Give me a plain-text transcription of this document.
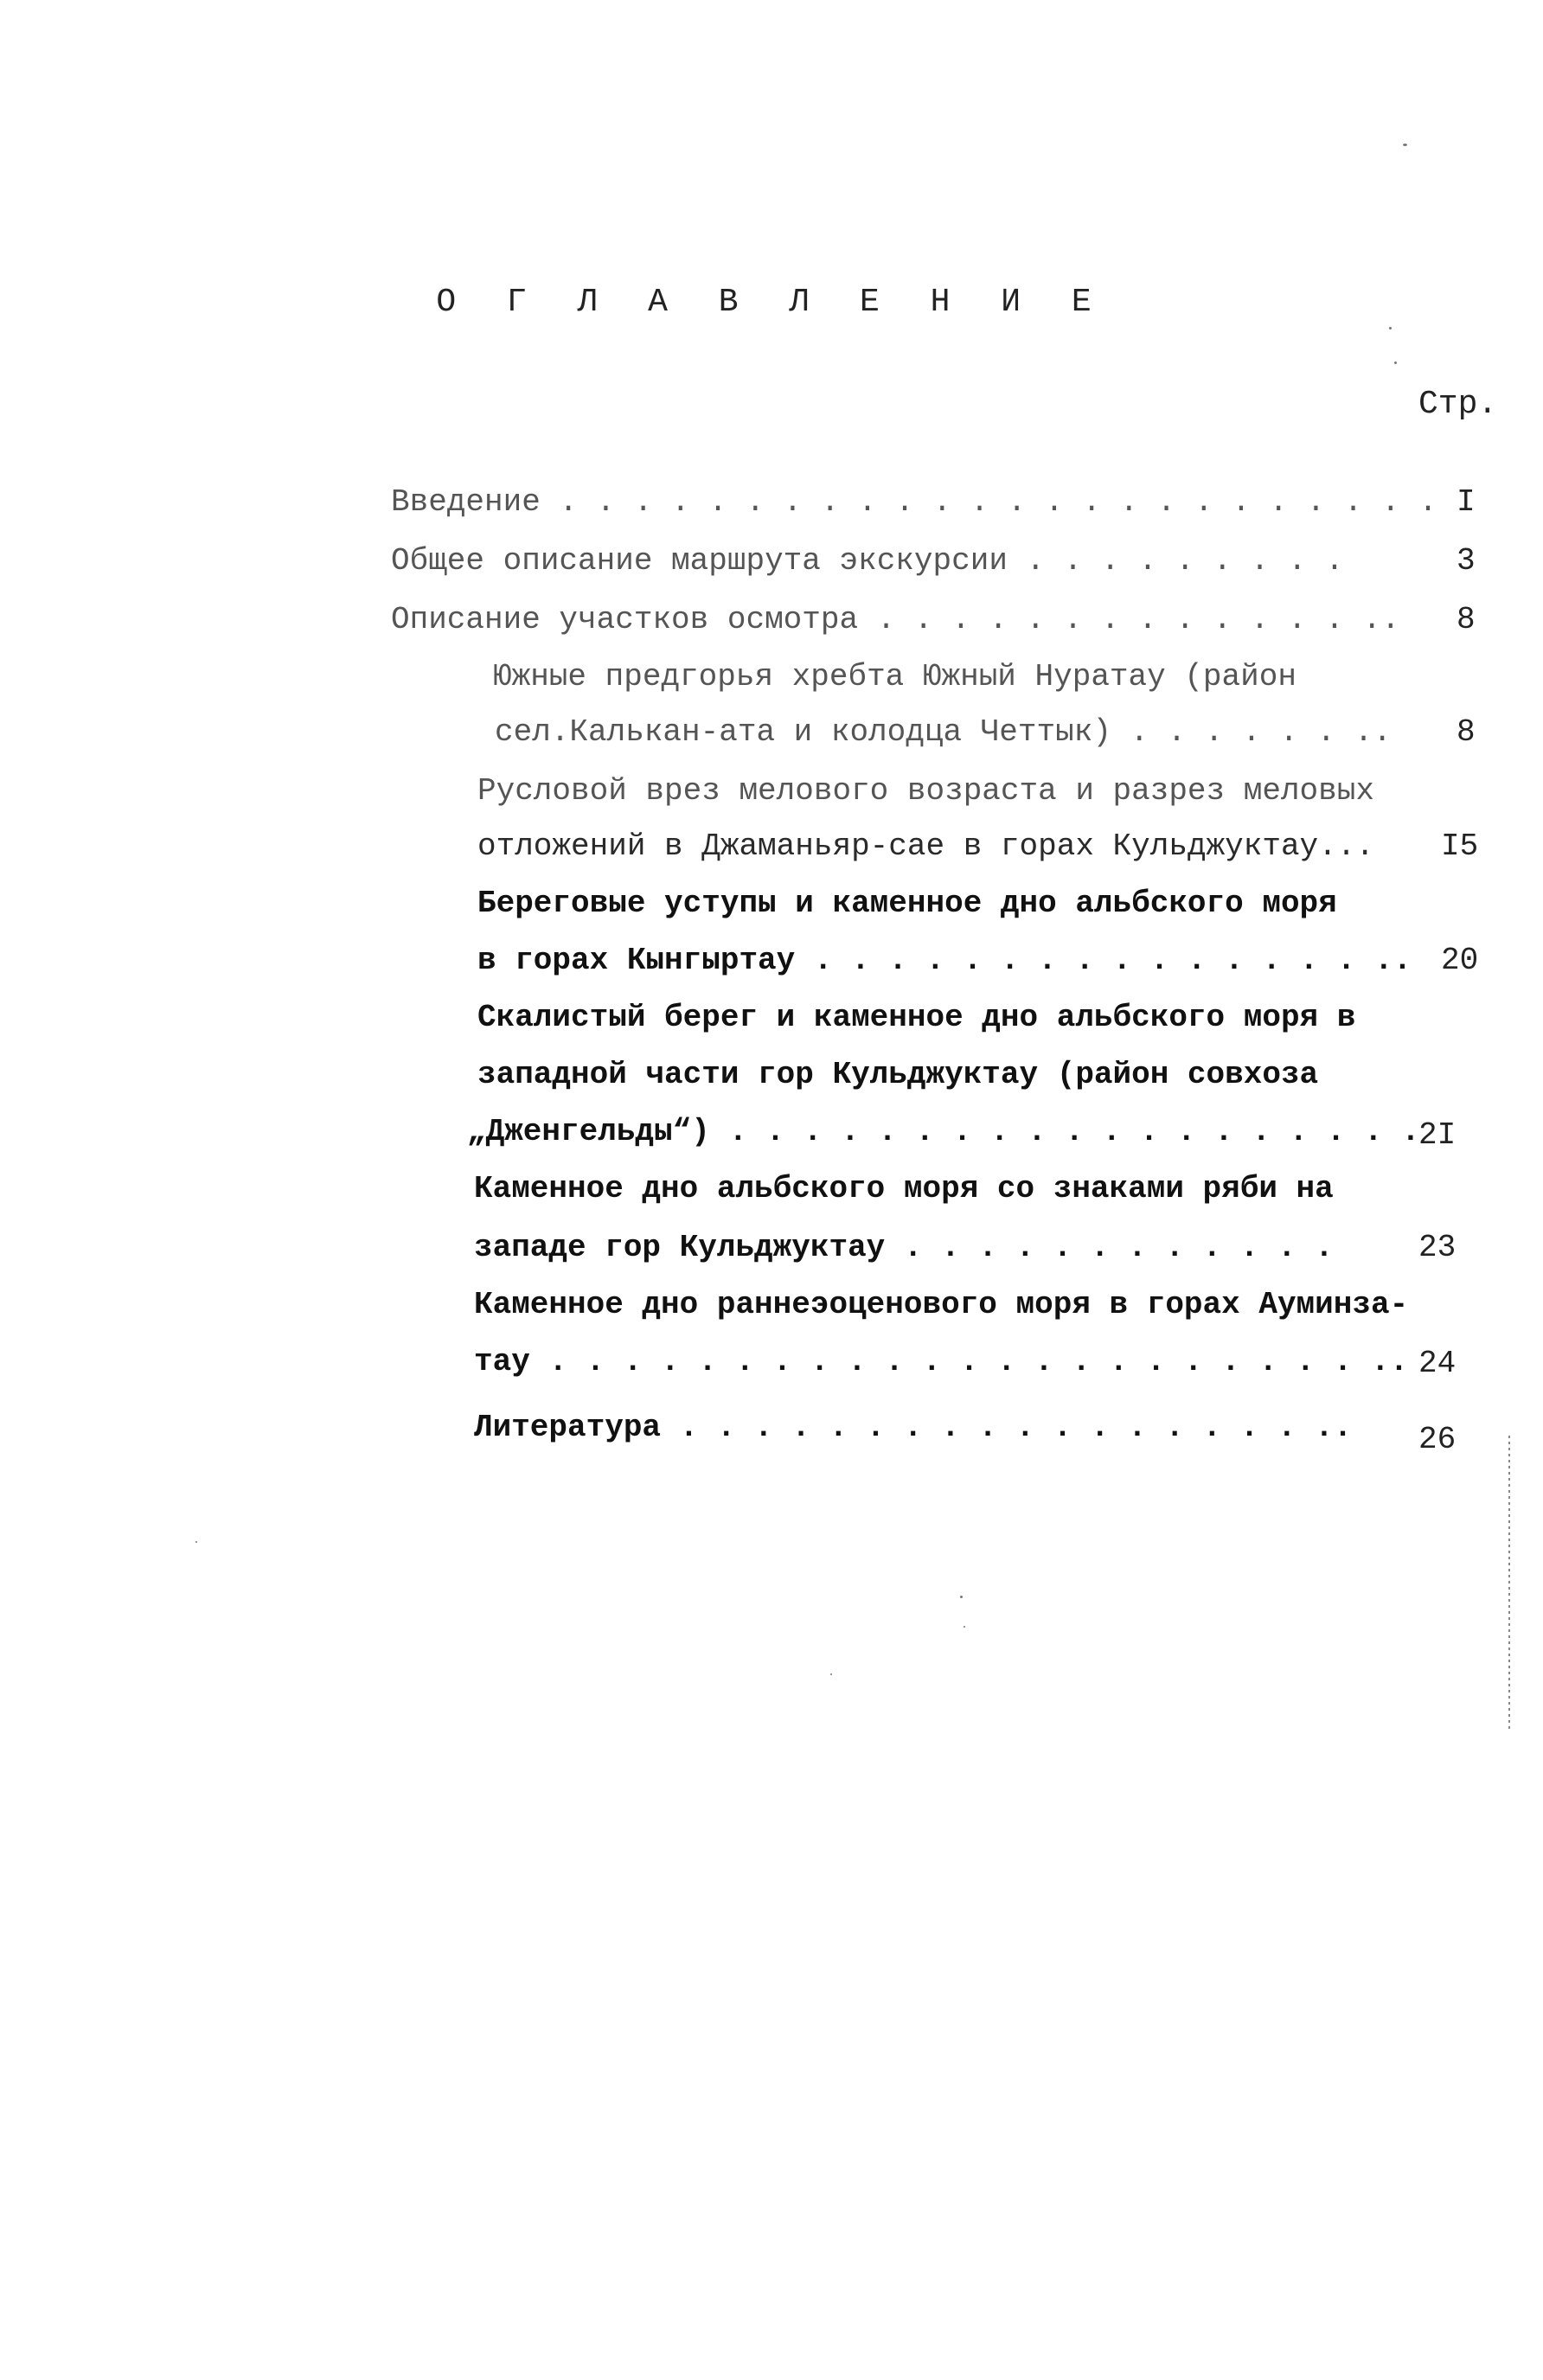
О Г Л А В Л Е Н И Е
Стр.
Введение . . . . . . . . . . . . . . . . . . . . . . . . I
Общее описание маршрута экскурсии . . . . . . . . .	3
Описание участков осмотра . . . . . . . . . . . . . .. 8
Южные предгорья хребта Южный Нуратау (район
сел.Калькан-ата и колодца Четтык) . . . . . . .. 8
Русловой врез мелового возраста и разрез меловых
отложений в Джаманьяр-сае в горах Кульджуктау... I5
Береговые уступы и каменное дно альбского моря
в горах Кынгыртау . . . . . . . . . . . . . . . .. 20
Скалистый берег и каменное дно альбского моря в
западной части гор Кульджуктау (район совхоза
„Дженгельды“) . . . . . . . . . . . . . . . . . . .
2I
Каменное дно альбского моря со знаками ряби на
западе гор Кульджуктау . . . . . . . . . . . .	23
Каменное дно раннеэоценового моря в горах Ауминза-
тау . . . . . . . . . . . . . . . . . . . . . . .. 24
Литература . . . . . . . . . . . . . . . . . .. 26
